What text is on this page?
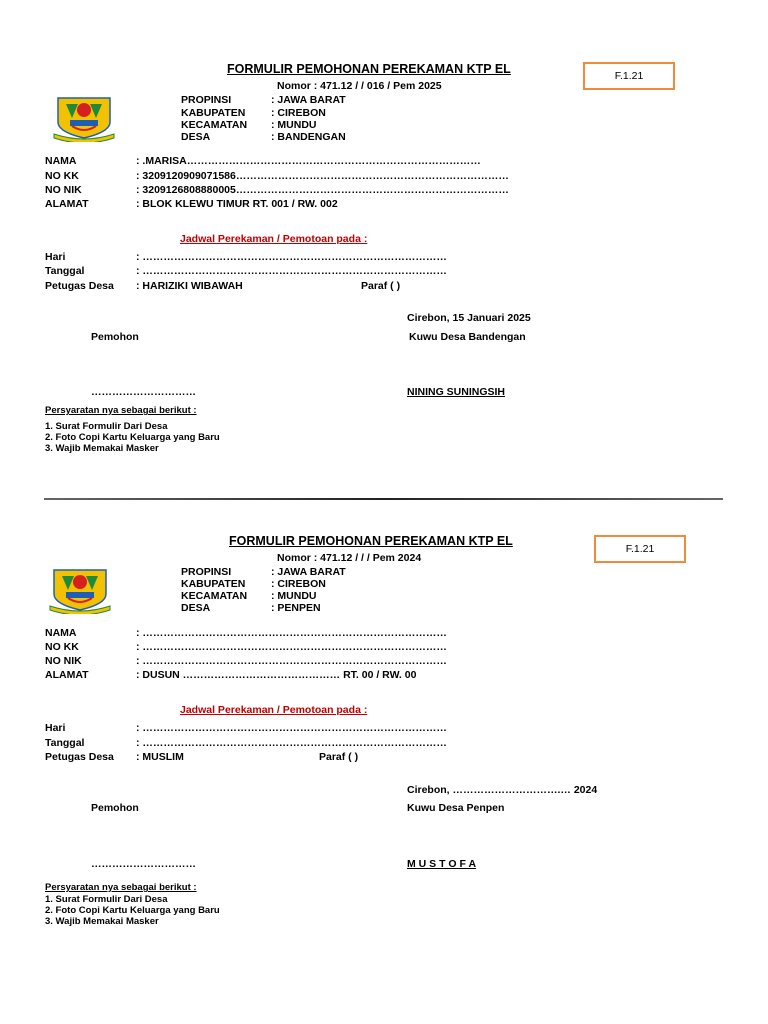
FORMULIR PEMOHONAN PEREKAMAN KTP EL
Nomor : 471.12 / / 016 / Pem 2025
F.1.21
PROPINSI	: JAWA BARAT
KABUPATEN : CIREBON
KECAMATAN : MUNDU
DESA	: BANDENGAN
NAMA	: .MARISA…………………………………………………………………………
NO KK	: 3209120909071586……………………………………………………………………
NO NIK	: 3209126808880005……………………………………………………………………
ALAMAT	: BLOK KLEWU TIMUR RT. 001 / RW. 002
Jadwal Perekaman / Pemotoan pada :
Hari	: ……………………………………………………………………………
Tanggal	: ……………………………………………………………………………
Petugas Desa : HARIZIKI WIBAWAH	Paraf ( )
Cirebon, 15 Januari 2025
Pemohon	Kuwu Desa Bandengan
…………………………	NINING SUNINGSIH
Persyaratan nya sebagai berikut :
1. Surat Formulir Dari Desa
2. Foto Copi Kartu Keluarga yang Baru
3. Wajib Memakai Masker
FORMULIR PEMOHONAN PEREKAMAN KTP EL
Nomor : 471.12 / / / Pem 2024
F.1.21
PROPINSI	: JAWA BARAT
KABUPATEN : CIREBON
KECAMATAN : MUNDU
DESA	: PENPEN
NAMA	: ……………………………………………………………………………
NO KK	: ……………………………………………………………………………
NO NIK	: ……………………………………………………………………………
ALAMAT	: DUSUN ……………………………………… RT. 00 / RW. 00
Jadwal Perekaman / Pemotoan pada :
Hari	: ……………………………………………………………………………
Tanggal	: ……………………………………………………………………………
Petugas Desa : MUSLIM	Paraf ( )
Cirebon, ………………………….… 2024
Pemohon	Kuwu Desa Penpen
…………………………	M U S T O F A
Persyaratan nya sebagai berikut :
1. Surat Formulir Dari Desa
2. Foto Copi Kartu Keluarga yang Baru
3. Wajib Memakai Masker
